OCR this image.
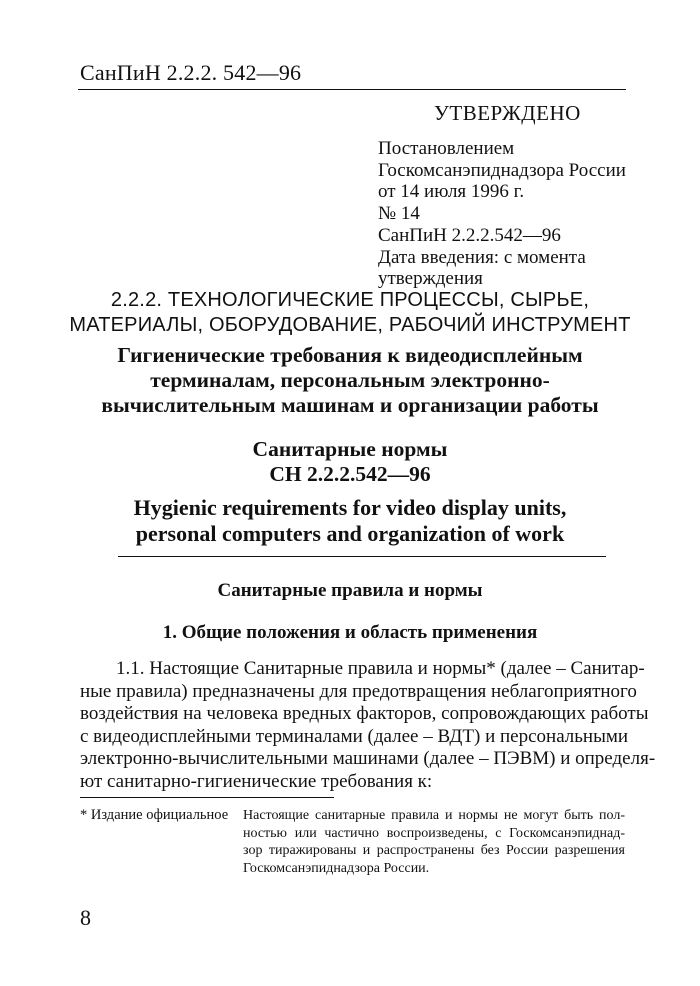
СанПиН 2.2.2. 542—96
УТВЕРЖДЕНО
Постановлением
Госкомсанэпиднадзора России
от 14 июля 1996 г.
№ 14
СанПиН 2.2.2.542—96
Дата введения: с момента
утверждения
2.2.2. ТЕХНОЛОГИЧЕСКИЕ ПРОЦЕССЫ, СЫРЬЕ,
МАТЕРИАЛЫ, ОБОРУДОВАНИЕ, РАБОЧИЙ ИНСТРУМЕНТ
Гигиенические требования к видеодисплейным
терминалам, персональным электронно-
вычислительным машинам и организации работы
Санитарные нормы
СН 2.2.2.542—96
Hygienic requirements for video display units,
personal computers and organization of work
Санитарные правила и нормы
1. Общие положения и область применения
1.1. Настоящие Санитарные правила и нормы* (далее – Санитар-
ные правила) предназначены для предотвращения неблагоприятного
воздействия на человека вредных факторов, сопровождающих работы
с видеодисплейными терминалами (далее – ВДТ) и персональными
электронно-вычислительными машинами (далее – ПЭВМ) и определя-
ют санитарно-гигиенические требования к:
* Издание официальное Настоящие санитарные правила и нормы не могут быть пол-
ностью или частично воспроизведены, с Госкомсанэпиднад-
зор тиражированы и распространены без России разрешения
Госкомсанэпиднадзора России.
8
